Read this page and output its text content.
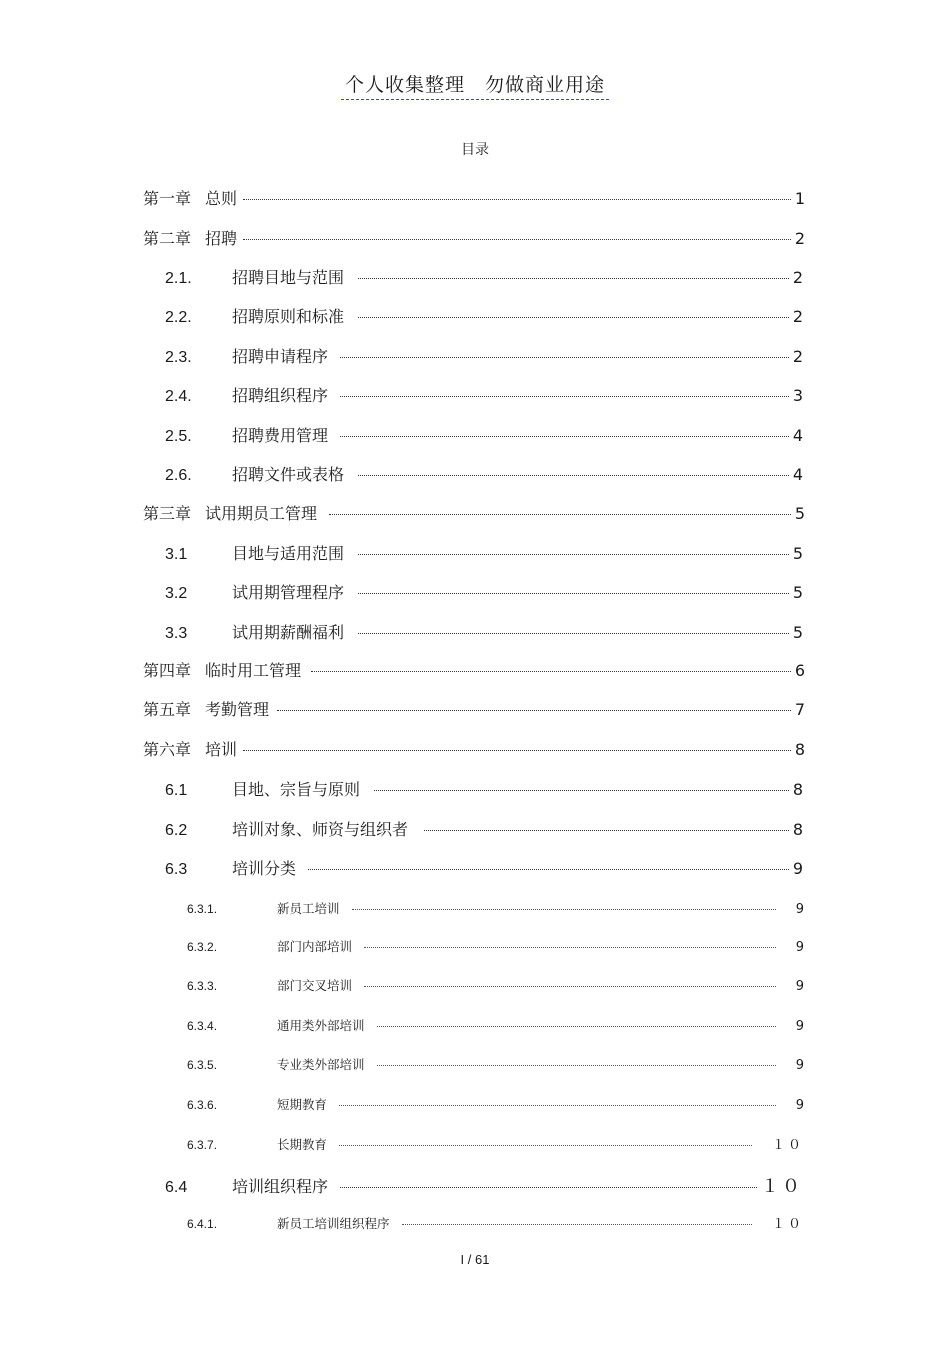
个人收集整理　勿做商业用途
目录
第一章 总则	1
第二章 招聘	2
2.1.	招聘目地与范围	2
2.2.	招聘原则和标准	2
2.3.	招聘申请程序	2
2.4.	招聘组织程序	3
2.5.	招聘费用管理	4
2.6.	招聘文件或表格	4
第三章 试用期员工管理	5
3.1	目地与适用范围	5
3.2	试用期管理程序	5
3.3	试用期薪酬福利	5
第四章 临时用工管理	6
第五章 考勤管理	7
第六章 培训	8
6.1	目地、宗旨与原则	8
6.2	培训对象、师资与组织者	8
6.3	培训分类	9
6.3.1.	新员工培训	9
6.3.2.	部门内部培训	9
6.3.3.	部门交叉培训	9
6.3.4.	通用类外部培训	9
6.3.5.	专业类外部培训	9
6.3.6.	短期教育	9
6.3.7.	长期教育	１０
6.4	培训组织程序	１０
6.4.1.	新员工培训组织程序	１０
I / 61
